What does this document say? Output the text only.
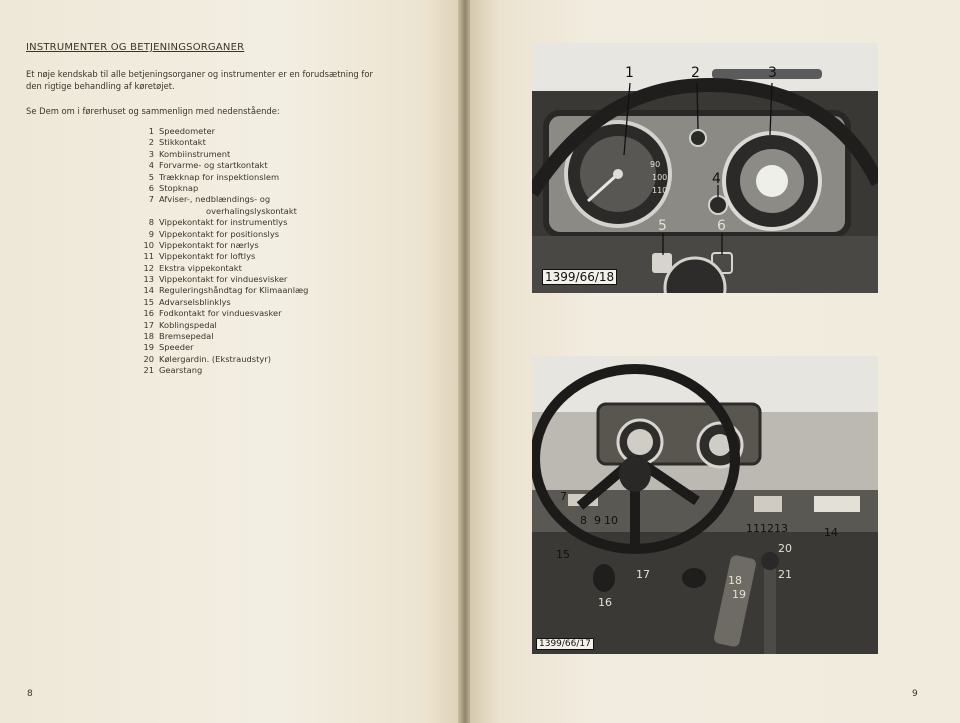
INSTRUMENTER OG BETJENINGSORGANER
Et nøje kendskab til alle betjeningsorganer og instrumenter er en forudsætning for
den rigtige behandling af køretøjet.
Se Dem om i førerhuset og sammenlign med nedenstående:
1 Speedometer
2 Stikkontakt
3 Kombiinstrument
4 Forvarme- og startkontakt
5 Trækknap for inspektionslem
6 Stopknap
7 Afviser-, nedblændings- og
overhalingslyskontakt
8 Vippekontakt for instrumentlys
9 Vippekontakt for positionslys
10 Vippekontakt for nærlys
11 Vippekontakt for loftlys
12 Ekstra vippekontakt
13 Vippekontakt for vinduesvisker
14 Reguleringshåndtag for Klimaanlæg
15 Advarselsblinklys
16 Fodkontakt for vinduesvasker
17 Koblingspedal
18 Bremsepedal
19 Speeder
20 Kølergardin. (Ekstraudstyr)
21 Gearstang
8
90
100
110
1	2	3
4
5	6
1399/66/18
7
8 9 10
11 12 13	14
15
16
17	18
19
20
21
1399/66/17
9
